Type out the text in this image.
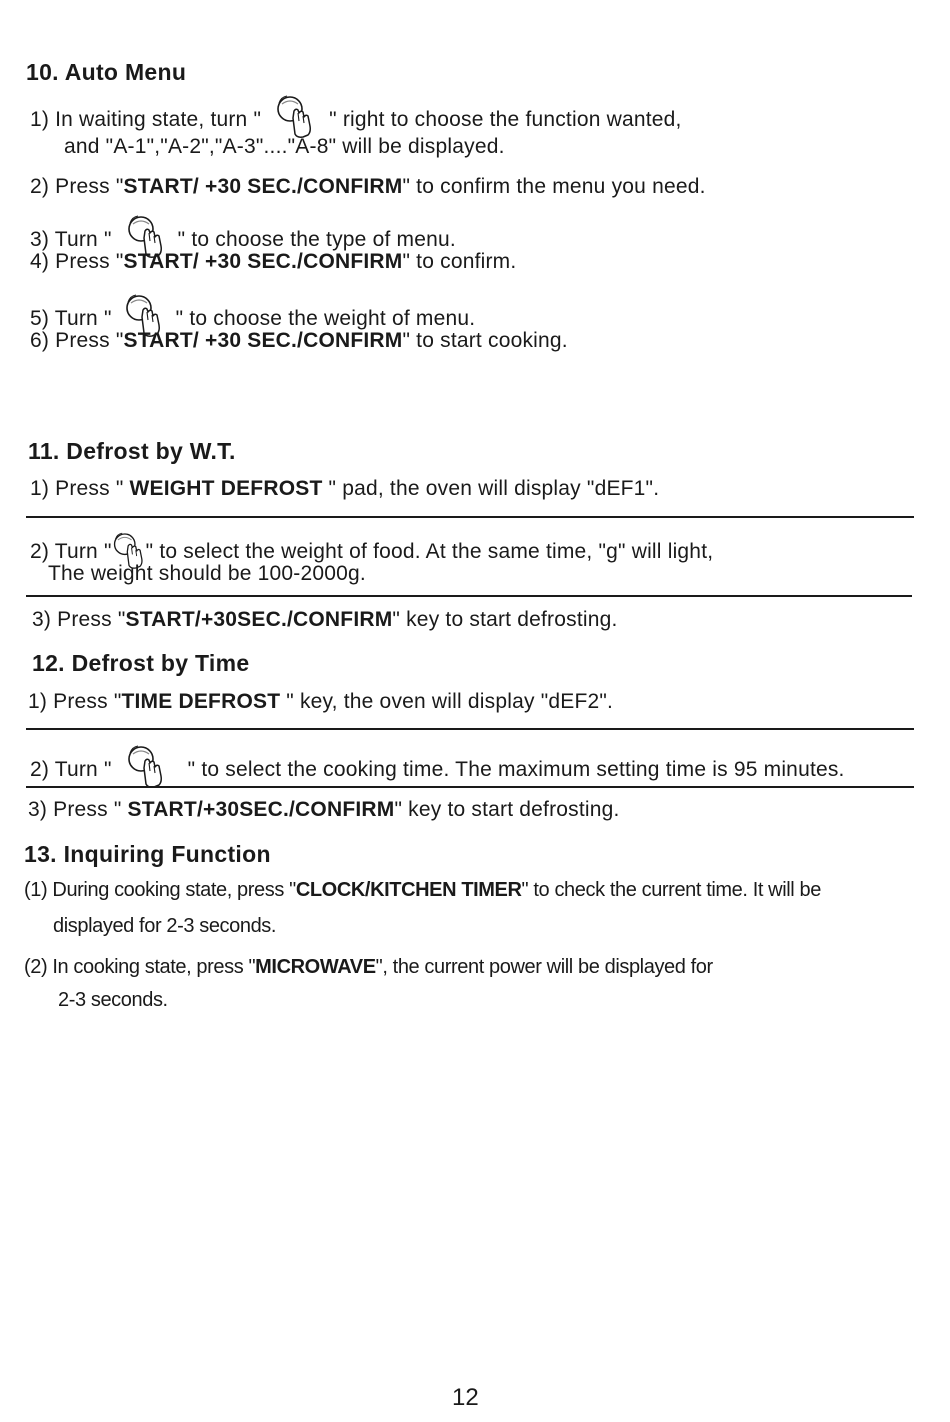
10. Auto Menu
1) In waiting state, turn "	" right to choose the function wanted,
and "A-1","A-2","A-3"...."A-8" will be displayed.
2) Press "START/ +30 SEC./CONFIRM" to confirm the menu you need.
3) Turn "	" to choose the type of menu.
4) Press "START/ +30 SEC./CONFIRM" to confirm.
5) Turn "	" to choose the weight of menu.
6) Press "START/ +30 SEC./CONFIRM" to start cooking.
11. Defrost by W.T.
1) Press " WEIGHT DEFROST " pad, the oven will display "dEF1".
2) Turn " " to select the weight of food. At the same time, "g" will light,
The weight should be 100-2000g.
3) Press "START/+30SEC./CONFIRM" key to start defrosting.
12. Defrost by Time
1) Press "TIME DEFROST " key, the oven will display "dEF2".
2) Turn "	" to select the cooking time. The maximum setting time is 95 minutes.
3) Press " START/+30SEC./CONFIRM" key to start defrosting.
13. Inquiring Function
(1) During cooking state, press "CLOCK/KITCHEN TIMER" to check the current time. It will be
displayed for 2-3 seconds.
(2) In cooking state, press "MICROWAVE", the current power will be displayed for
2-3 seconds.
12
